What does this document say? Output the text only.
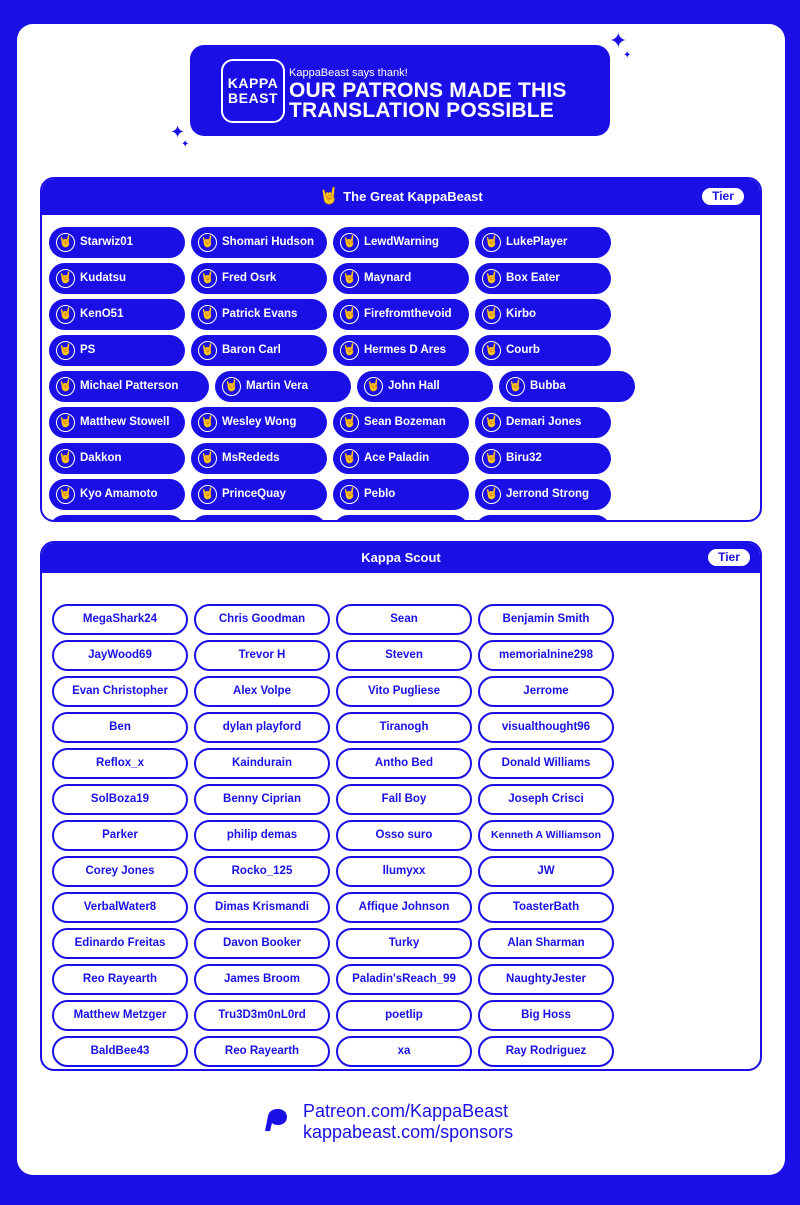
✦
✦
✦
✦
KAPPA
BEAST
KappaBeast says thank!
OUR PATRONS MADE THIS
TRANSLATION POSSIBLE
🤘 The Great KappaBeast	Tier
🤘 Starwiz01	🤘 Shomari Hudson	🤘 LewdWarning	🤘 LukePlayer
🤘 Kudatsu	🤘 Fred Osrk	🤘 Maynard	🤘 Box Eater
🤘 KenO51	🤘 Patrick Evans	🤘 Firefromthevoid	🤘 Kirbo
🤘 PS	🤘 Baron Carl	🤘 Hermes D Ares	🤘 Courb
🤘 Michael Patterson	🤘 Martin Vera	🤘 John Hall	🤘 Bubba
🤘 Matthew Stowell	🤘 Wesley Wong	🤘 Sean Bozeman	🤘 Demari Jones
🤘 Dakkon	🤘 MsRededs	🤘 Ace Paladin	🤘 Biru32
🤘 Kyo Amamoto	🤘 PrinceQuay	🤘 Peblo	🤘 Jerrond Strong
Kappa Scout	Tier
MegaShark24	Chris Goodman	Sean	Benjamin Smith
JayWood69	Trevor H	Steven	memorialnine298
Evan Christopher	Alex Volpe	Vito Pugliese	Jerrome
Ben	dylan playford	Tiranogh	visualthought96
Reflox_x	Kaindurain	Antho Bed	Donald Williams
SolBoza19	Benny Ciprian	Fall Boy	Joseph Crisci
Parker	philip demas	Osso suro	Kenneth A Williamson
Corey Jones	Rocko_125	llumyxx	JW
VerbalWater8	Dimas Krismandi	Affique Johnson	ToasterBath
Edinardo Freitas	Davon Booker	Turky	Alan Sharman
Reo Rayearth	James Broom	Paladin'sReach_99	NaughtyJester
Matthew Metzger	Tru3D3m0nL0rd	poetlip	Big Hoss
BaldBee43	Reo Rayearth	xa	Ray Rodriguez
Patreon.com/KappaBeast
kappabeast.com/sponsors
